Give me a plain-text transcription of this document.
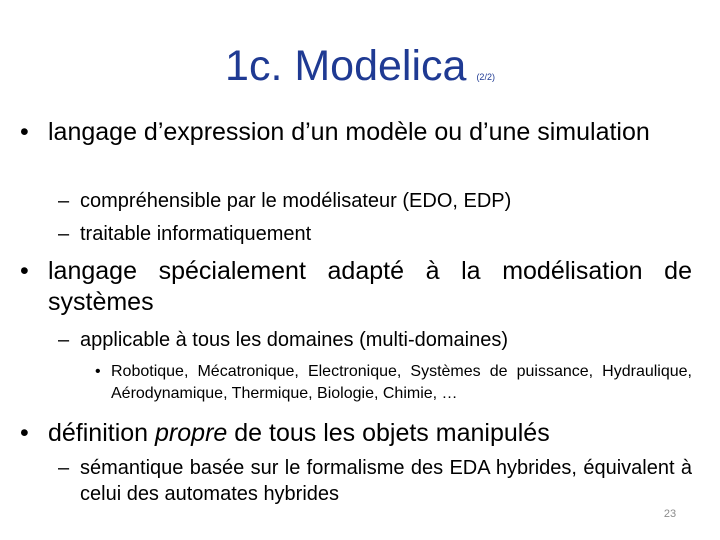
1c. Modelica (2/2)
• langage d’expression d’un modèle ou d’une simulation
– compréhensible par le modélisateur (EDO, EDP)
– traitable informatiquement
• langage spécialement adapté à la modélisation de systèmes
– applicable à tous les domaines (multi-domaines)
• Robotique, Mécatronique, Electronique, Systèmes de puissance, Hydraulique, Aérodynamique, Thermique, Biologie, Chimie, …
• définition propre de tous les objets manipulés
– sémantique basée sur le formalisme des EDA hybrides, équivalent à celui des automates hybrides
23
